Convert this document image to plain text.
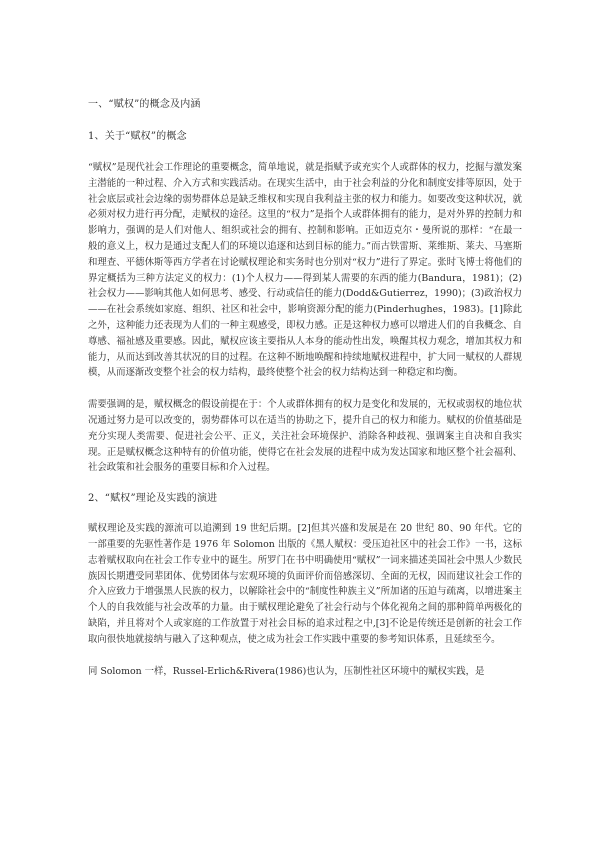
一、“赋权”的概念及内涵
1、关于“赋权”的概念

“赋权”是现代社会工作理论的重要概念，简单地说，就是指赋予或充实个人或群体的权力，挖掘与激发案主潜能的一种过程、介入方式和实践活动。在现实生活中，由于社会利益的分化和制度安排等原因，处于社会底层或社会边缘的弱势群体总是缺乏维权和实现自我利益主张的权力和能力。如要改变这种状况，就必须对权力进行再分配，走赋权的途径。这里的“权力”是指个人或群体拥有的能力，是对外界的控制力和影响力，强调的是人们对他人、组织或社会的拥有、控制和影响。正如迈克尔・曼所说的那样：“在最一般的意义上，权力是通过支配人们的环境以追逐和达到目标的能力。”而古铁雷斯、莱维斯、莱夫、马塞斯和理查、平德休斯等西方学者在讨论赋权理论和实务时也分别对“权力”进行了界定。张时飞博士将他们的界定概括为三种方法定义的权力：(1)个人权力——得到某人需要的东西的能力(Bandura，1981)；(2)社会权力——影响其他人如何思考、感受、行动或信任的能力(Dodd&Gutierrez，1990)；(3)政治权力——在社会系统如家庭、组织、社区和社会中，影响资源分配的能力(Pinderhughes，1983)。[1]除此之外，这种能力还表现为人们的一种主观感受，即权力感。正是这种权力感可以增进人们的自我概念、自尊感、福祉感及重要感。因此，赋权应该主要指从人本身的能动性出发，唤醒其权力观念，增加其权力和能力，从而达到改善其状况的目的过程。在这种不断地唤醒和持续地赋权进程中，扩大同一赋权的人群规模，从而逐渐改变整个社会的权力结构，最终使整个社会的权力结构达到一种稳定和均衡。

需要强调的是，赋权概念的假设前提在于：个人或群体拥有的权力是变化和发展的，无权或弱权的地位状况通过努力是可以改变的，弱势群体可以在适当的协助之下，提升自己的权力和能力。赋权的价值基础是充分实现人类需要、促进社会公平、正义，关注社会环境保护、消除各种歧视、强调案主自决和自我实现。正是赋权概念这种特有的价值功能，使得它在社会发展的进程中成为发达国家和地区整个社会福利、社会政策和社会服务的重要目标和介入过程。

2、“赋权”理论及实践的演进

赋权理论及实践的源流可以追溯到 19 世纪后期。[2]但其兴盛和发展是在 20 世纪 80、90 年代。它的一部重要的先驱性著作是 1976 年 Solomon 出版的《黑人赋权：受压迫社区中的社会工作》一书，这标志着赋权取向在社会工作专业中的诞生。所罗门在书中明确使用“赋权”一词来描述美国社会中黑人少数民族因长期遭受同辈团体、优势团体与宏观环境的负面评价而倍感深切、全面的无权，因而建议社会工作的介入应致力于增强黑人民族的权力，以解除社会中的“制度性种族主义”所加诸的压迫与疏离，以增进案主个人的自我效能与社会改革的力量。由于赋权理论避免了社会行动与个体化视角之间的那种简单两极化的缺陷，并且将对个人或家庭的工作放置于对社会目标的追求过程之中,[3]不论是传统还是创新的社会工作取向很快地就接纳与融入了这种观点，使之成为社会工作实践中重要的参考知识体系，且延续至今。

同 Solomon 一样，Russel-Erlich&Rivera(1986)也认为，压制性社区环境中的赋权实践，是
